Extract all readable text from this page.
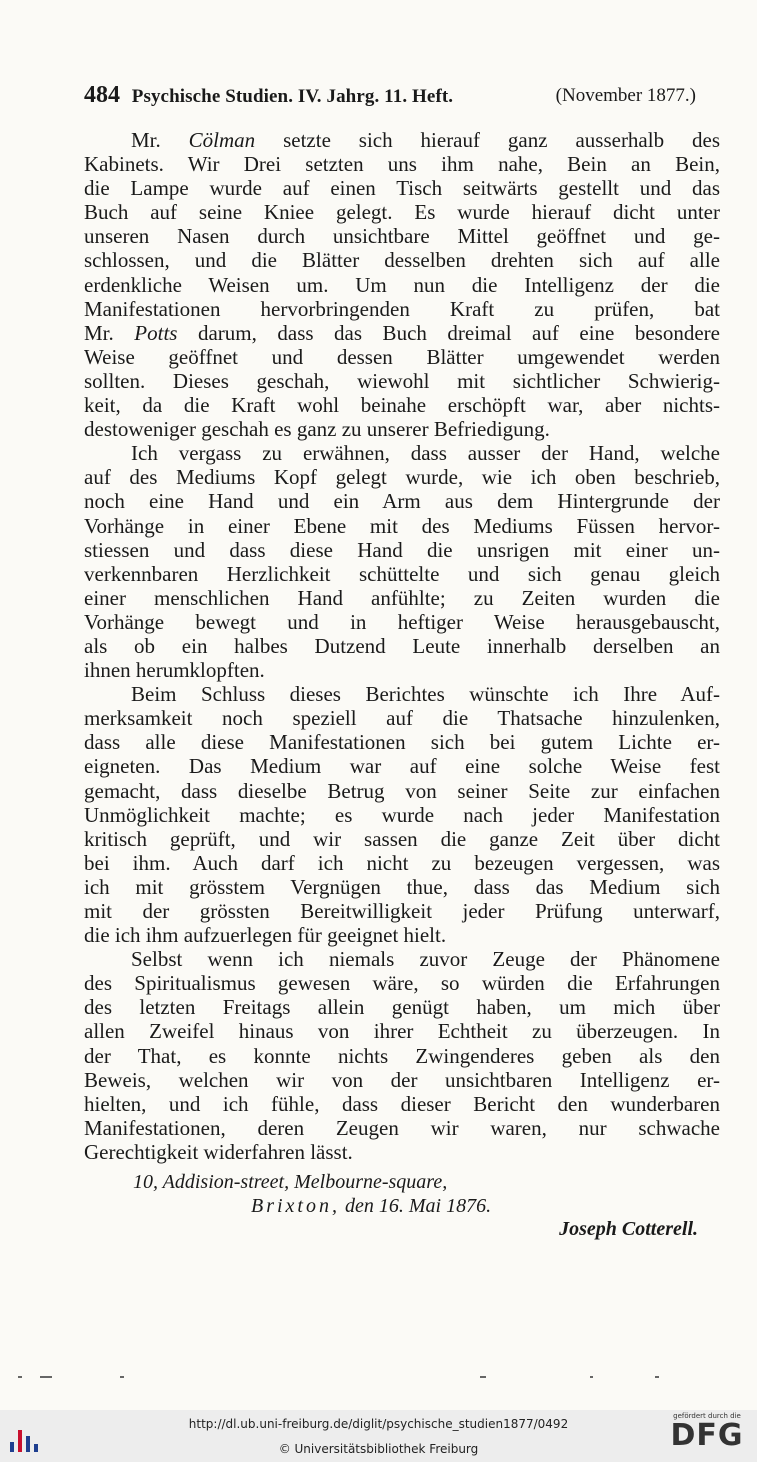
484 Psychische Studien. IV. Jahrg. 11. Heft.	(November 1877.)
Mr. Cölman setzte sich hierauf ganz ausserhalb des
Kabinets. Wir Drei setzten uns ihm nahe, Bein an Bein,
die Lampe wurde auf einen Tisch seitwärts gestellt und das
Buch auf seine Kniee gelegt. Es wurde hierauf dicht unter
unseren Nasen durch unsichtbare Mittel geöffnet und ge-
schlossen, und die Blätter desselben drehten sich auf alle
erdenkliche Weisen um. Um nun die Intelligenz der die
Manifestationen hervorbringenden Kraft zu prüfen, bat
Mr. Potts darum, dass das Buch dreimal auf eine besondere
Weise geöffnet und dessen Blätter umgewendet werden
sollten. Dieses geschah, wiewohl mit sichtlicher Schwierig-
keit, da die Kraft wohl beinahe erschöpft war, aber nichts-
destoweniger geschah es ganz zu unserer Befriedigung.
Ich vergass zu erwähnen, dass ausser der Hand, welche
auf des Mediums Kopf gelegt wurde, wie ich oben beschrieb,
noch eine Hand und ein Arm aus dem Hintergrunde der
Vorhänge in einer Ebene mit des Mediums Füssen hervor-
stiessen und dass diese Hand die unsrigen mit einer un-
verkennbaren Herzlichkeit schüttelte und sich genau gleich
einer menschlichen Hand anfühlte; zu Zeiten wurden die
Vorhänge bewegt und in heftiger Weise herausgebauscht,
als ob ein halbes Dutzend Leute innerhalb derselben an
ihnen herumklopften.
Beim Schluss dieses Berichtes wünschte ich Ihre Auf-
merksamkeit noch speziell auf die Thatsache hinzulenken,
dass alle diese Manifestationen sich bei gutem Lichte er-
eigneten. Das Medium war auf eine solche Weise fest
gemacht, dass dieselbe Betrug von seiner Seite zur einfachen
Unmöglichkeit machte; es wurde nach jeder Manifestation
kritisch geprüft, und wir sassen die ganze Zeit über dicht
bei ihm. Auch darf ich nicht zu bezeugen vergessen, was
ich mit grösstem Vergnügen thue, dass das Medium sich
mit der grössten Bereitwilligkeit jeder Prüfung unterwarf,
die ich ihm aufzuerlegen für geeignet hielt.
Selbst wenn ich niemals zuvor Zeuge der Phänomene
des Spiritualismus gewesen wäre, so würden die Erfahrungen
des letzten Freitags allein genügt haben, um mich über
allen Zweifel hinaus von ihrer Echtheit zu überzeugen. In
der That, es konnte nichts Zwingenderes geben als den
Beweis, welchen wir von der unsichtbaren Intelligenz er-
hielten, und ich fühle, dass dieser Bericht den wunderbaren
Manifestationen, deren Zeugen wir waren, nur schwache
Gerechtigkeit widerfahren lässt.
10, Addision-street, Melbourne-square,
Brixton, den 16. Mai 1876.
Joseph Cotterell.
http://dl.ub.uni-freiburg.de/diglit/psychische_studien1877/0492
© Universitätsbibliothek Freiburg
gefördert durch die
DFG
